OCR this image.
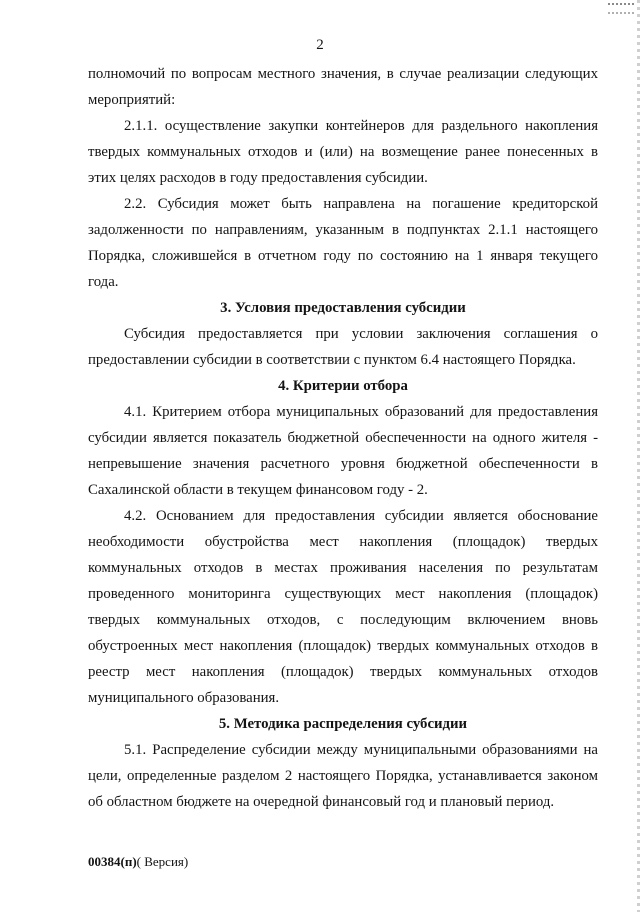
2

полномочий по вопросам местного значения, в случае реализации следующих мероприятий:

2.1.1. осуществление закупки контейнеров для раздельного накопления твердых коммунальных отходов и (или) на возмещение ранее понесенных в этих целях расходов в году предоставления субсидии.

2.2. Субсидия может быть направлена на погашение кредиторской задолженности по направлениям, указанным в подпунктах 2.1.1 настоящего Порядка, сложившейся в отчетном году по состоянию на 1 января текущего года.

3. Условия предоставления субсидии

Субсидия предоставляется при условии заключения соглашения о предоставлении субсидии в соответствии с пунктом 6.4 настоящего Порядка.

4. Критерии отбора

4.1. Критерием отбора муниципальных образований для предоставления субсидии является показатель бюджетной обеспеченности на одного жителя - непревышение значения расчетного уровня бюджетной обеспеченности в Сахалинской области в текущем финансовом году - 2.

4.2. Основанием для предоставления субсидии является обоснование необходимости обустройства мест накопления (площадок) твердых коммунальных отходов в местах проживания населения по результатам проведенного мониторинга существующих мест накопления (площадок) твердых коммунальных отходов, с последующим включением вновь обустроенных мест накопления (площадок) твердых коммунальных отходов в реестр мест накопления (площадок) твердых коммунальных отходов муниципального образования.

5. Методика распределения субсидии

5.1. Распределение субсидии между муниципальными образованиями на цели, определенные разделом 2 настоящего Порядка, устанавливается законом об областном бюджете на очередной финансовый год и плановый период.

00384(п)( Версия)
